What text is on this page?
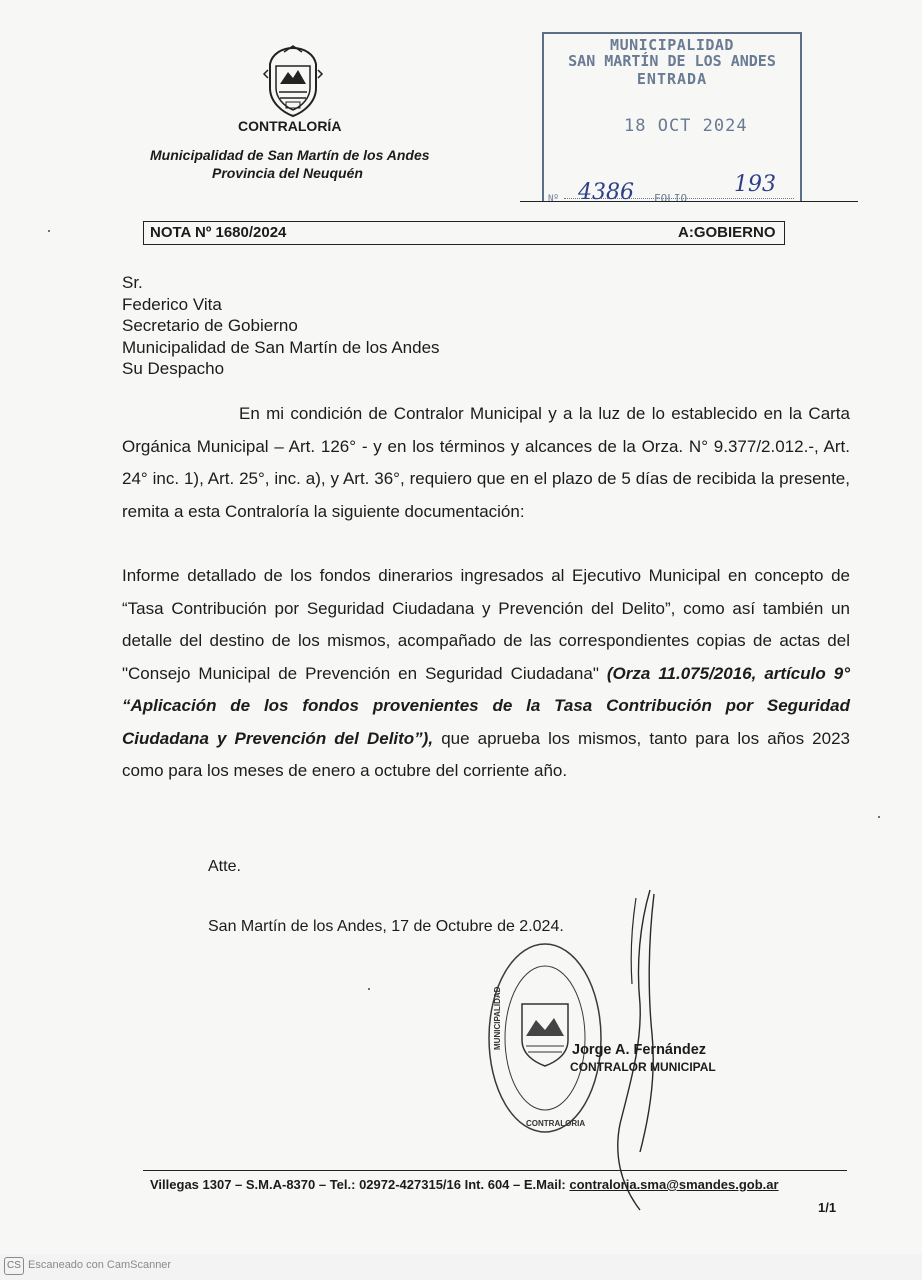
CONTRALORÍA
Municipalidad de San Martín de los Andes
Provincia del Neuquén
MUNICIPALIDAD
SAN MARTÍN DE LOS ANDES
ENTRADA
18 OCT 2024
Nº 4386 FOLIO
193
NOTA Nº 1680/2024	A:GOBIERNO
Sr.
Federico Vita
Secretario de Gobierno
Municipalidad de San Martín de los Andes
Su Despacho
En mi condición de Contralor Municipal y a la luz de lo establecido en la Carta Orgánica Municipal – Art. 126° - y en los términos y alcances de la Orza. N° 9.377/2.012.-, Art. 24° inc. 1), Art. 25°, inc. a), y Art. 36°, requiero que en el plazo de 5 días de recibida la presente, remita a esta Contraloría la siguiente documentación:
Informe detallado de los fondos dinerarios ingresados al Ejecutivo Municipal en concepto de “Tasa Contribución por Seguridad Ciudadana y Prevención del Delito”, como así también un detalle del destino de los mismos, acompañado de las correspondientes copias de actas del "Consejo Municipal de Prevención en Seguridad Ciudadana" (Orza 11.075/2016, artículo 9° “Aplicación de los fondos provenientes de la Tasa Contribución por Seguridad Ciudadana y Prevención del Delito”), que aprueba los mismos, tanto para los años 2023 como para los meses de enero a octubre del corriente año.
Atte.
San Martín de los Andes, 17 de Octubre de 2.024.
MUNICIPALIDAD
CONTRALORIA
Jorge A. Fernández
CONTRALOR MUNICIPAL
Villegas 1307 – S.M.A-8370 – Tel.: 02972-427315/16 Int. 604 – E.Mail: contraloria.sma@smandes.gob.ar
1/1
CS Escaneado con CamScanner
